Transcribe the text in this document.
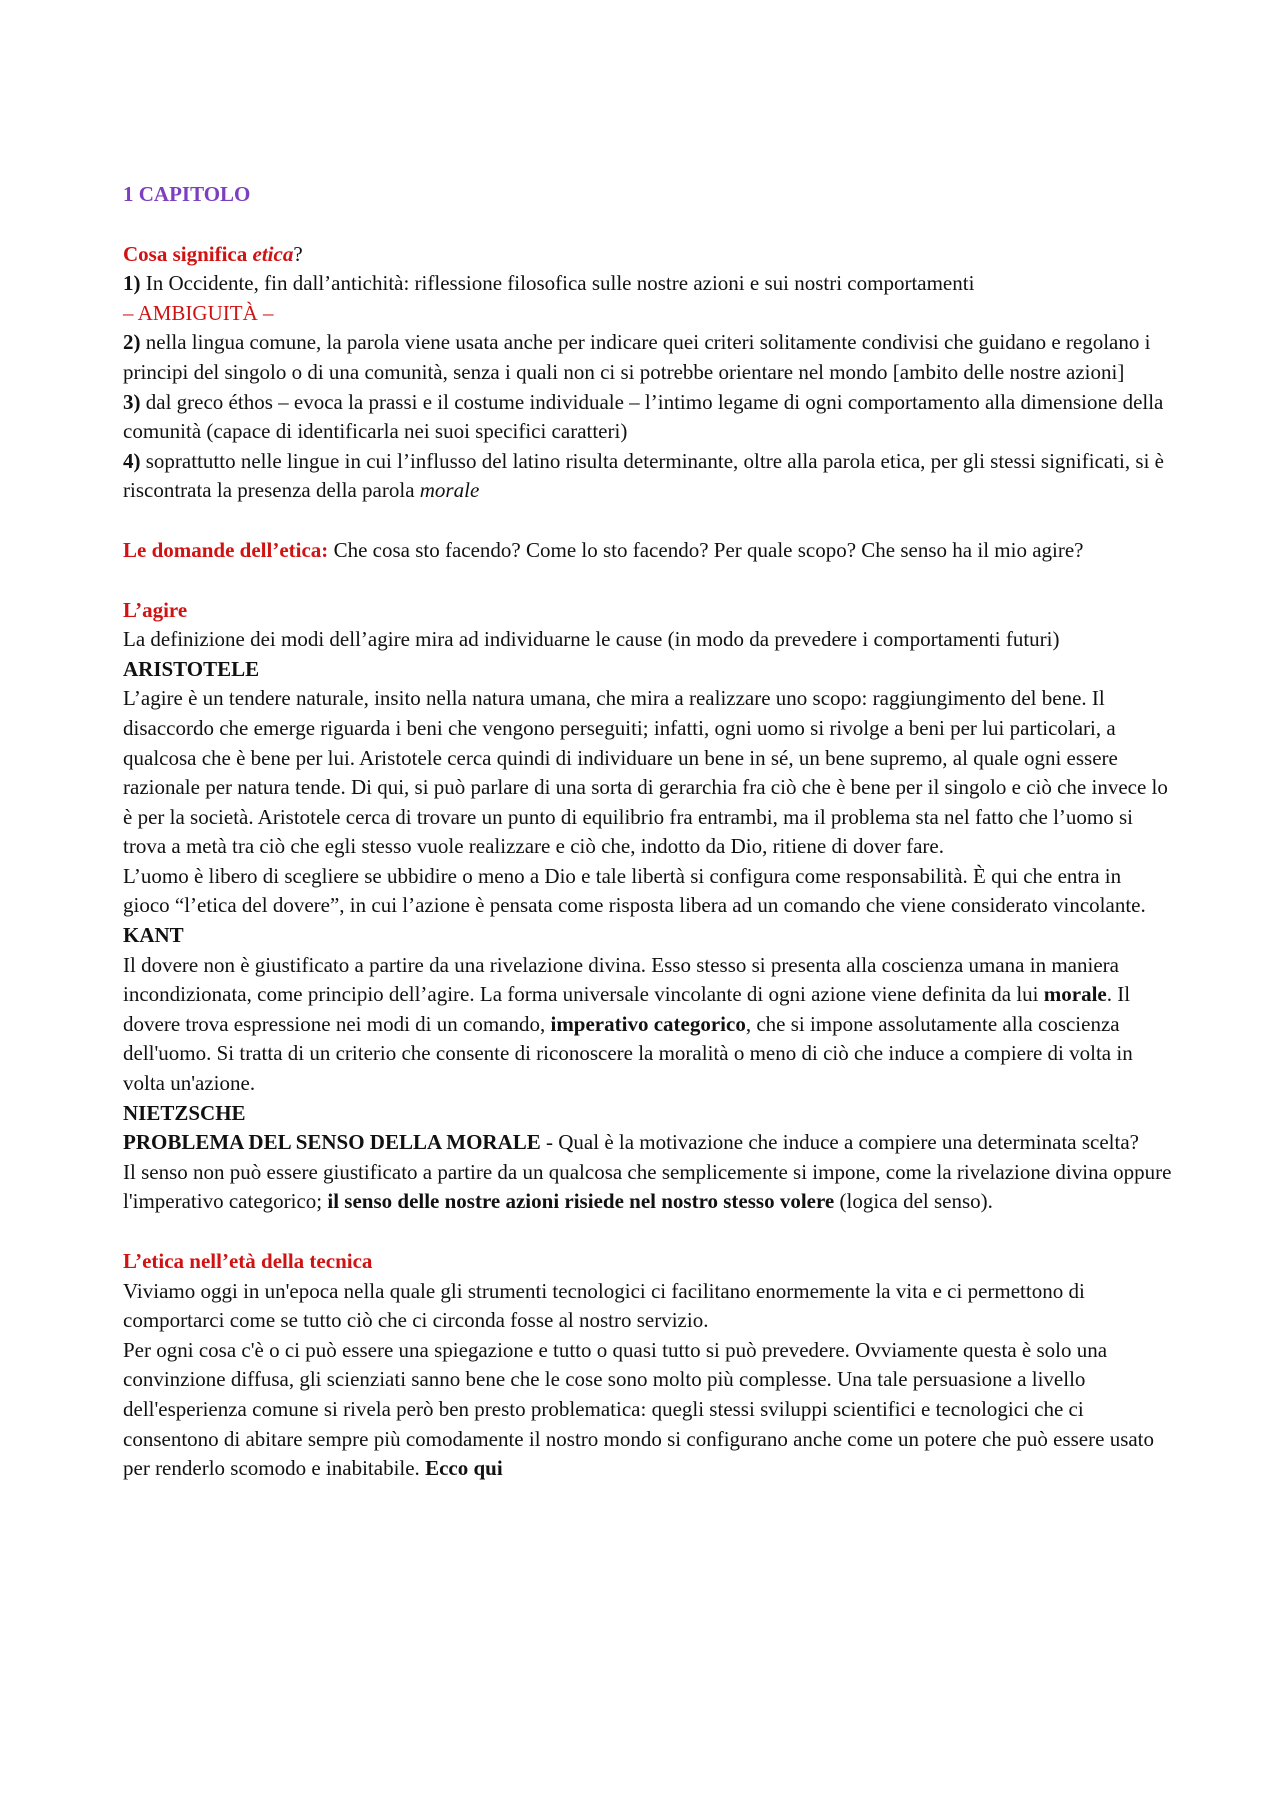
1 CAPITOLO

Cosa significa etica?

1) In Occidente, fin dall’antichità: riflessione filosofica sulle nostre azioni e sui nostri comportamenti

– AMBIGUITÀ –

2) nella lingua comune, la parola viene usata anche per indicare quei criteri solitamente condivisi che guidano e regolano i principi del singolo o di una comunità, senza i quali non ci si potrebbe orientare nel mondo [ambito delle nostre azioni]

3) dal greco éthos – evoca la prassi e il costume individuale – l’intimo legame di ogni comportamento alla dimensione della comunità (capace di identificarla nei suoi specifici caratteri)

4) soprattutto nelle lingue in cui l’influsso del latino risulta determinante, oltre alla parola etica, per gli stessi significati, si è riscontrata la presenza della parola morale

Le domande dell’etica: Che cosa sto facendo? Come lo sto facendo? Per quale scopo? Che senso ha il mio agire?

L’agire

La definizione dei modi dell’agire mira ad individuarne le cause (in modo da prevedere i comportamenti futuri)

ARISTOTELE

L’agire è un tendere naturale, insito nella natura umana, che mira a realizzare uno scopo: raggiungimento del bene. Il disaccordo che emerge riguarda i beni che vengono perseguiti; infatti, ogni uomo si rivolge a beni per lui particolari, a qualcosa che è bene per lui. Aristotele cerca quindi di individuare un bene in sé, un bene supremo, al quale ogni essere razionale per natura tende. Di qui, si può parlare di una sorta di gerarchia fra ciò che è bene per il singolo e ciò che invece lo è per la società. Aristotele cerca di trovare un punto di equilibrio fra entrambi, ma il problema sta nel fatto che l’uomo si trova a metà tra ciò che egli stesso vuole realizzare e ciò che, indotto da Dio, ritiene di dover fare.

L’uomo è libero di scegliere se ubbidire o meno a Dio e tale libertà si configura come responsabilità. È qui che entra in gioco “l’etica del dovere”, in cui l’azione è pensata come risposta libera ad un comando che viene considerato vincolante.

KANT

Il dovere non è giustificato a partire da una rivelazione divina. Esso stesso si presenta alla coscienza umana in maniera incondizionata, come principio dell’agire. La forma universale vincolante di ogni azione viene definita da lui morale. Il dovere trova espressione nei modi di un comando, imperativo categorico, che si impone assolutamente alla coscienza dell'uomo. Si tratta di un criterio che consente di riconoscere la moralità o meno di ciò che induce a compiere di volta in volta un'azione.

NIETZSCHE

PROBLEMA DEL SENSO DELLA MORALE - Qual è la motivazione che induce a compiere una determinata scelta?

Il senso non può essere giustificato a partire da un qualcosa che semplicemente si impone, come la rivelazione divina oppure l'imperativo categorico; il senso delle nostre azioni risiede nel nostro stesso volere (logica del senso).

L’etica nell’età della tecnica

Viviamo oggi in un'epoca nella quale gli strumenti tecnologici ci facilitano enormemente la vita e ci permettono di comportarci come se tutto ciò che ci circonda fosse al nostro servizio.

Per ogni cosa c'è o ci può essere una spiegazione e tutto o quasi tutto si può prevedere. Ovviamente questa è solo una convinzione diffusa, gli scienziati sanno bene che le cose sono molto più complesse. Una tale persuasione a livello dell'esperienza comune si rivela però ben presto problematica: quegli stessi sviluppi scientifici e tecnologici che ci consentono di abitare sempre più comodamente il nostro mondo si configurano anche come un potere che può essere usato per renderlo scomodo e inabitabile. Ecco qui
